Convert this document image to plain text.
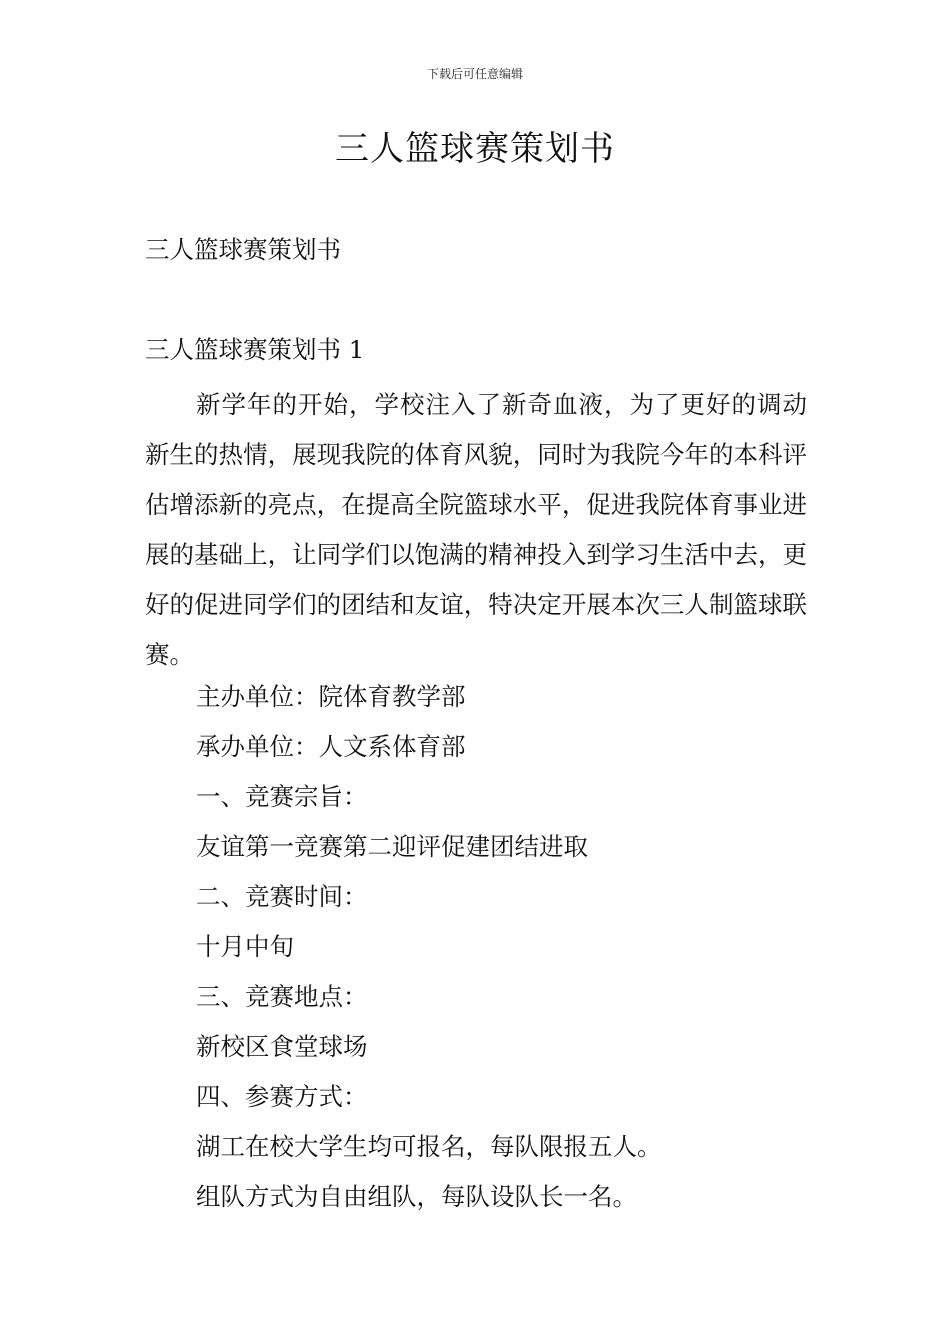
下载后可任意编辑
三人篮球赛策划书
三人篮球赛策划书
三人篮球赛策划书 1

新学年的开始，学校注入了新奇血液，为了更好的调动新生的热情，展现我院的体育风貌，同时为我院今年的本科评估增添新的亮点，在提高全院篮球水平，促进我院体育事业进展的基础上，让同学们以饱满的精神投入到学习生活中去，更好的促进同学们的团结和友谊，特决定开展本次三人制篮球联赛。

主办单位：院体育教学部
承办单位：人文系体育部
一、竞赛宗旨：
友谊第一竞赛第二迎评促建团结进取
二、竞赛时间：
十月中旬
三、竞赛地点：
新校区食堂球场
四、参赛方式：
湖工在校大学生均可报名，每队限报五人。
组队方式为自由组队，每队设队长一名。
